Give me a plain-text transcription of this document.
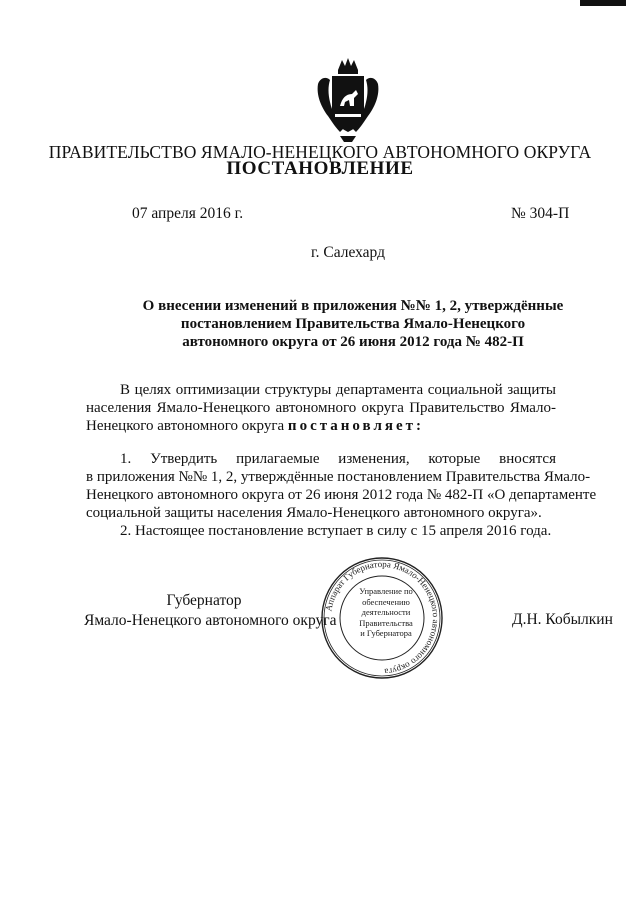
ПРАВИТЕЛЬСТВО ЯМАЛО-НЕНЕЦКОГО АВТОНОМНОГО ОКРУГА
ПОСТАНОВЛЕНИЕ
07 апреля 2016 г.	№ 304-П
г. Салехард
О внесении изменений в приложения №№ 1, 2, утверждённые
постановлением Правительства Ямало-Ненецкого
автономного округа от 26 июня 2012 года № 482-П
В целях оптимизации структуры департамента социальной защиты
населения Ямало-Ненецкого автономного округа Правительство Ямало-
Ненецкого автономного округа постановляет:
1. Утвердить прилагаемые изменения, которые вносятся
в приложения №№ 1, 2, утверждённые постановлением Правительства Ямало-
Ненецкого автономного округа от 26 июня 2012 года № 482-П «О департаменте
социальной защиты населения Ямало-Ненецкого автономного округа».
2. Настоящее постановление вступает в силу с 15 апреля 2016 года.
Губернатор
Ямало-Ненецкого автономного округа
Аппарат Губернатора Ямало-Ненецкого автономного округа
Управление по
обеспечению
деятельности
Правительства
и Губернатора
Д.Н. Кобылкин
